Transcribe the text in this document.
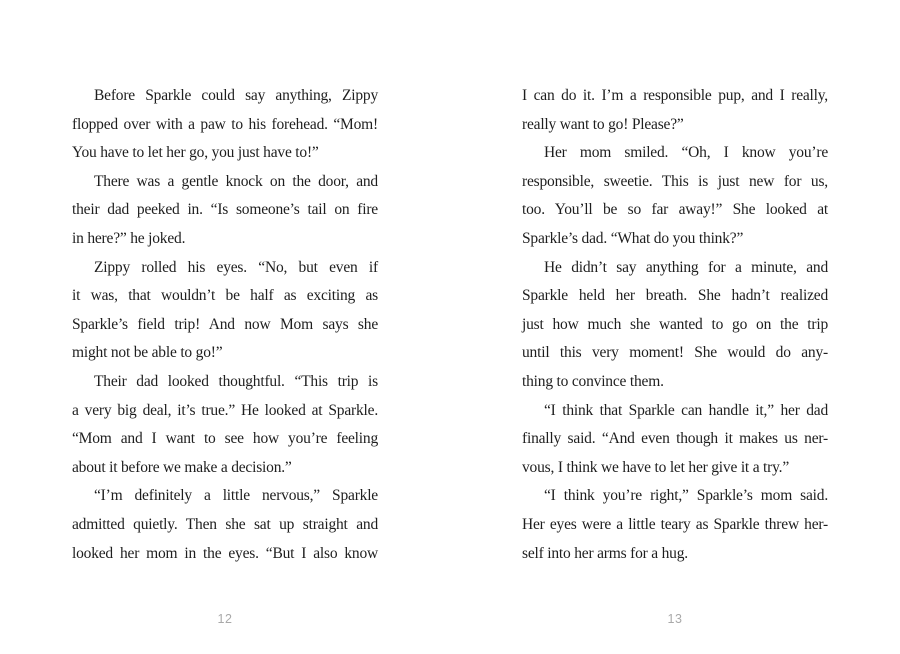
Before Sparkle could say anything, Zippy
flopped over with a paw to his forehead. “Mom!
You have to let her go, you just have to!”
There was a gentle knock on the door, and
their dad peeked in. “Is someone’s tail on fire
in here?” he joked.
Zippy rolled his eyes. “No, but even if
it was, that wouldn’t be half as exciting as
Sparkle’s field trip! And now Mom says she
might not be able to go!”
Their dad looked thoughtful. “This trip is
a very big deal, it’s true.” He looked at Sparkle.
“Mom and I want to see how you’re feeling
about it before we make a decision.”
“I’m definitely a little nervous,” Sparkle
admitted quietly. Then she sat up straight and
looked her mom in the eyes. “But I also know
12
I can do it. I’m a responsible pup, and I really,
really want to go! Please?”
Her mom smiled. “Oh, I know you’re
responsible, sweetie. This is just new for us,
too. You’ll be so far away!” She looked at
Sparkle’s dad. “What do you think?”
He didn’t say anything for a minute, and
Sparkle held her breath. She hadn’t realized
just how much she wanted to go on the trip
until this very moment! She would do any-
thing to convince them.
“I think that Sparkle can handle it,” her dad
finally said. “And even though it makes us ner-
vous, I think we have to let her give it a try.”
“I think you’re right,” Sparkle’s mom said.
Her eyes were a little teary as Sparkle threw her-
self into her arms for a hug.
13
